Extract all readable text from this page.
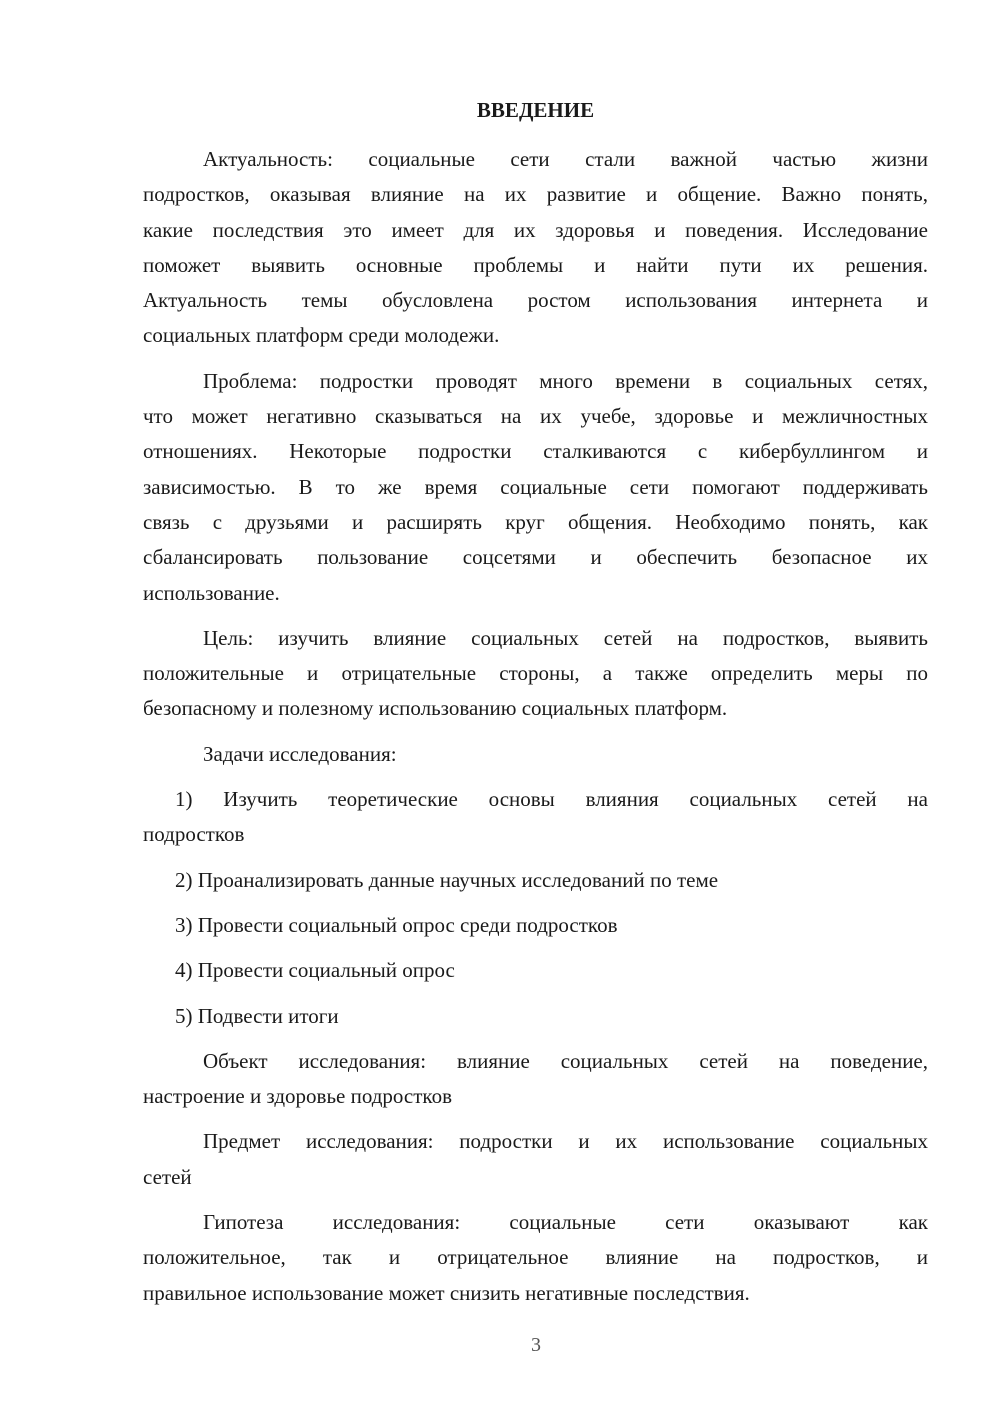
ВВЕДЕНИЕ
Актуальность: социальные сети стали важной частью жизни
подростков, оказывая влияние на их развитие и общение. Важно понять,
какие последствия это имеет для их здоровья и поведения. Исследование
поможет выявить основные проблемы и найти пути их решения.
Актуальность темы обусловлена ростом использования интернета и
социальных платформ среди молодежи.
Проблема: подростки проводят много времени в социальных сетях,
что может негативно сказываться на их учебе, здоровье и межличностных
отношениях. Некоторые подростки сталкиваются с кибербуллингом и
зависимостью. В то же время социальные сети помогают поддерживать
связь с друзьями и расширять круг общения. Необходимо понять, как
сбалансировать пользование соцсетями и обеспечить безопасное их
использование.
Цель: изучить влияние социальных сетей на подростков, выявить
положительные и отрицательные стороны, а также определить меры по
безопасному и полезному использованию социальных платформ.
Задачи исследования:
1) Изучить теоретические основы влияния социальных сетей на
подростков
2) Проанализировать данные научных исследований по теме
3) Провести социальный опрос среди подростков
4) Провести социальный опрос
5) Подвести итоги
Объект исследования: влияние социальных сетей на поведение,
настроение и здоровье подростков
Предмет исследования: подростки и их использование социальных
сетей
Гипотеза исследования: социальные сети оказывают как
положительное, так и отрицательное влияние на подростков, и
правильное использование может снизить негативные последствия.
3
